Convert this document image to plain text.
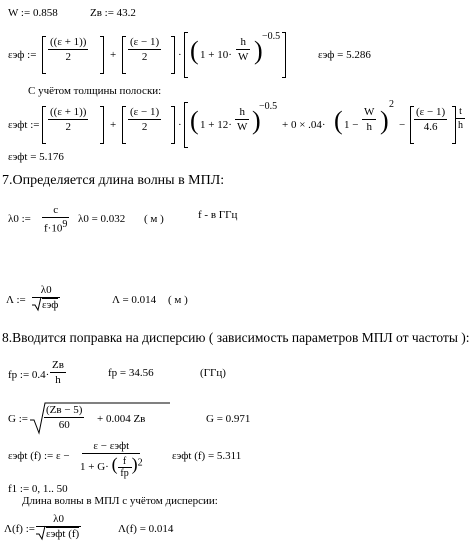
W := 0.858	Zв := 43.2
εэф :=
((ε + 1))
2	+
(ε − 1)
2	· ( 1 + 10·
h
W ) −0.5
εэф = 5.286
С учётом толщины полоски:
εэфt :=
((ε + 1))
2	+
(ε − 1)
2	· ( 1 + 12·
h
W )
−0.5
+ 0 × .04· ( 1 −
W
h )
2
−
(ε − 1)
4.6
t
h
εэфt = 5.176
7.Определяется длина волны в МПЛ:
λ0 :=
c
$f\cdot 10^9$ λ0 = 0.032 ( м )	f - в ГГц
Λ :=
λ0
εэф	Λ = 0.014 ( м )
8.Вводится поправка на дисперсию ( зависимость параметров МПЛ от частоты ):
fp := 0.4·
Zв
h
fp = 34.56	(ГГц)
G :=
(Zв − 5)
60
+ 0.004 Zв	G = 0.971
εэфt (f) := ε −
ε − εэфt
1 + G· ( $\frac{f}{fp} )^2$
εэфt (f) = 5.311
f1 := 0, 1.. 50
Длина волны в МПЛ с учётом дисперсии:
Λ(f) :=
λ0
εэфt (f)	Λ(f) = 0.014
